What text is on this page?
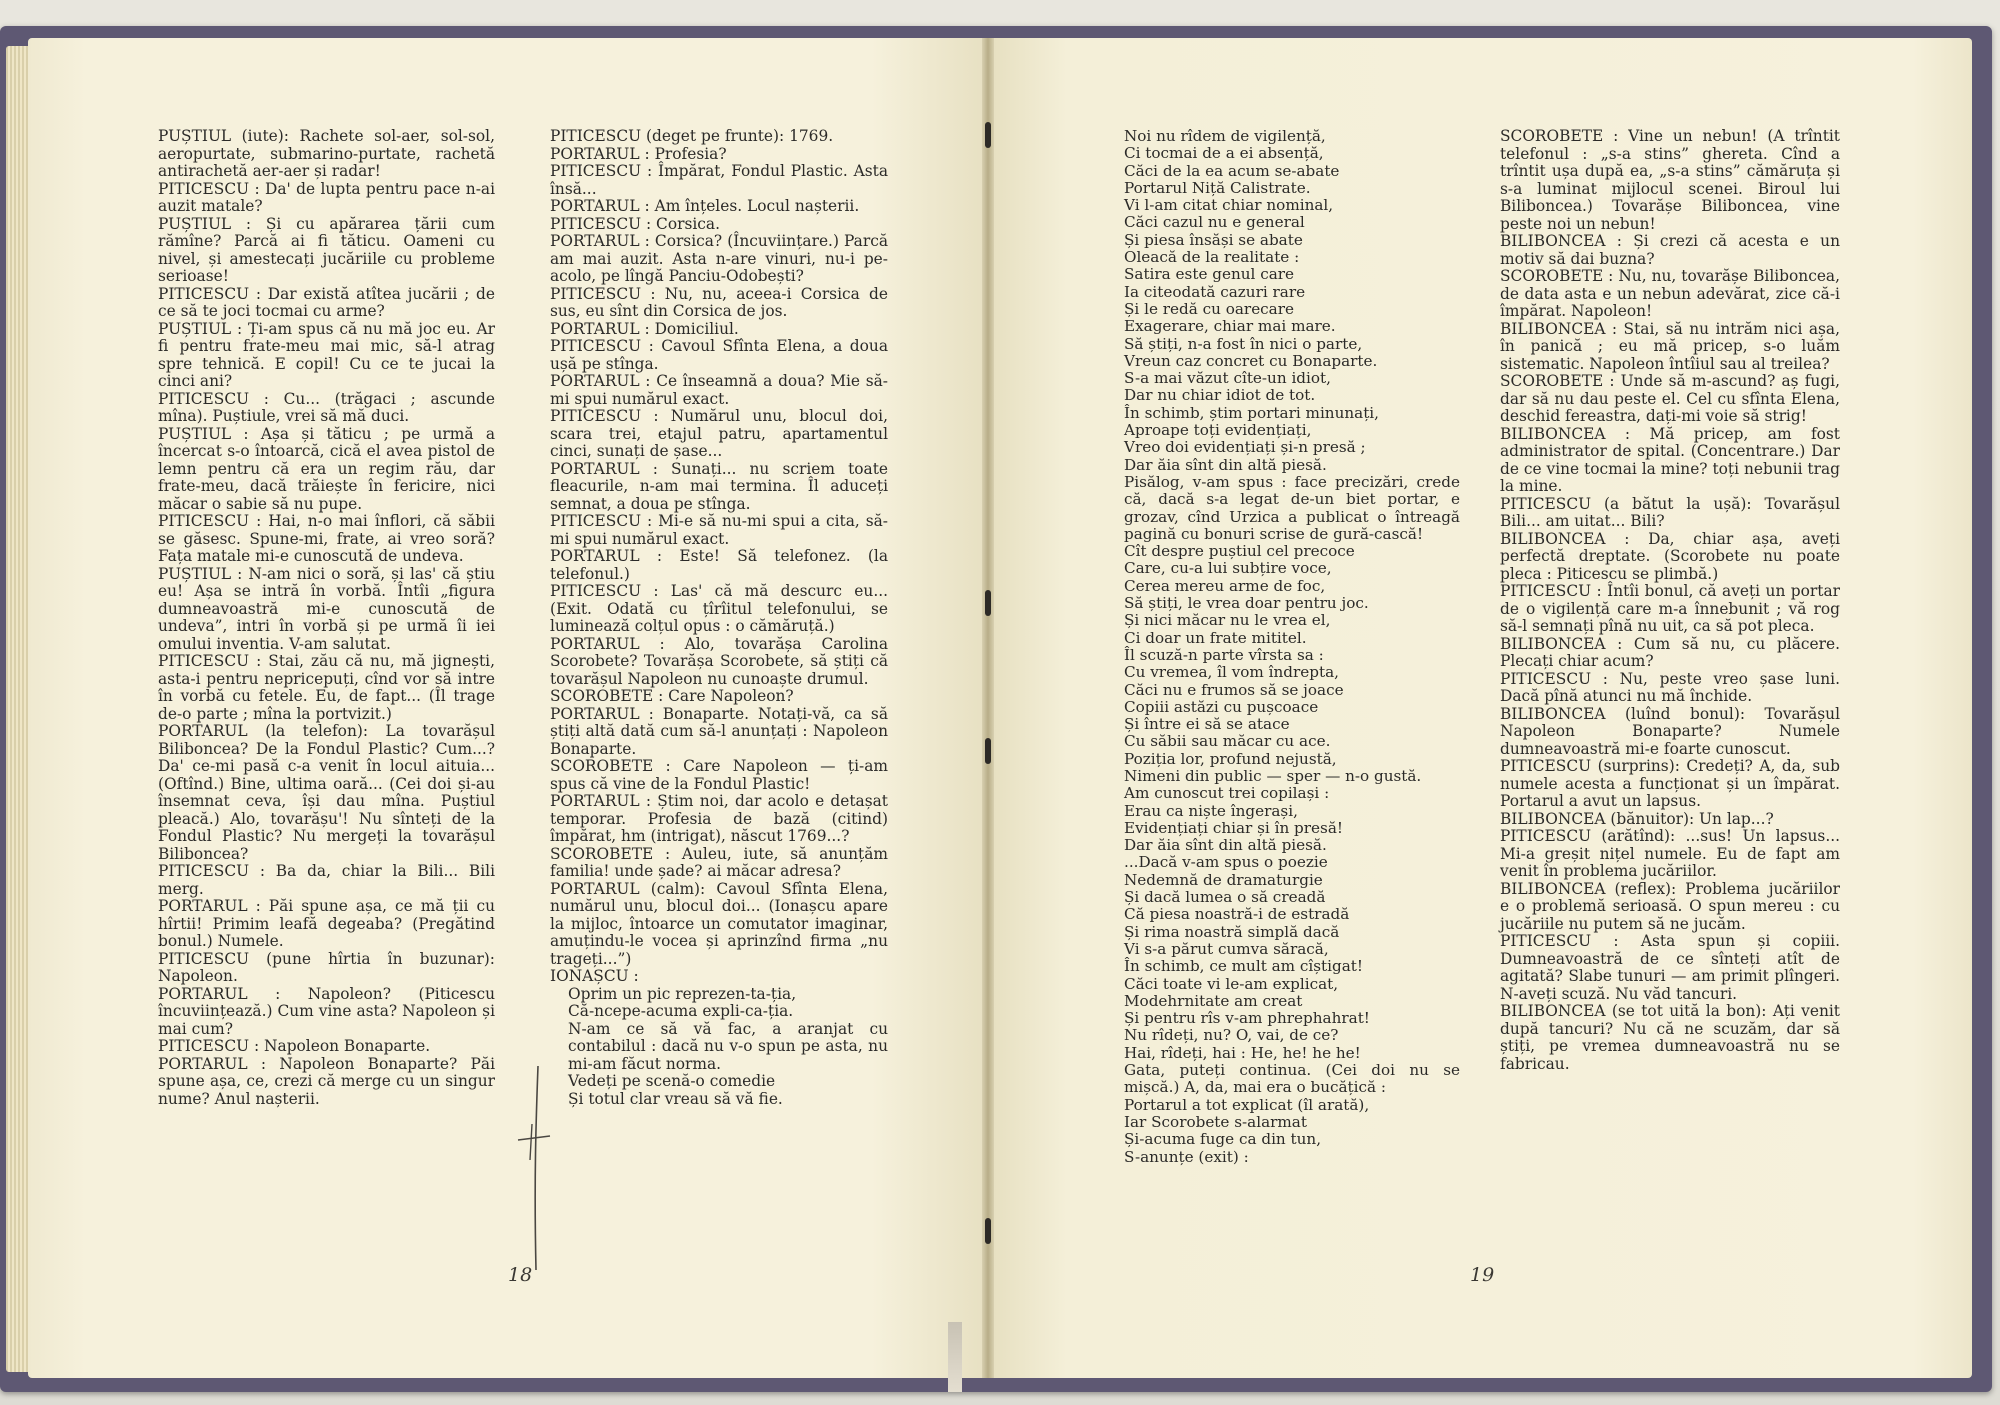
PUȘTIUL (iute): Rachete sol-aer, sol-sol, aeropurtate, submarino-purtate, rachetă antirachetă aer-aer și radar!

PITICESCU : Da' de lupta pentru pace n-ai auzit matale?

PUȘTIUL : Și cu apărarea țării cum rămîne? Parcă ai fi tăticu. Oameni cu nivel, și amestecați jucăriile cu probleme serioase!

PITICESCU : Dar există atîtea jucării ; de ce să te joci tocmai cu arme?

PUȘTIUL : Ți-am spus că nu mă joc eu. Ar fi pentru frate-meu mai mic, să-l atrag spre tehnică. E copil! Cu ce te jucai la cinci ani?

PITICESCU : Cu... (trăgaci ; ascunde mîna). Puștiule, vrei să mă duci.

PUȘTIUL : Așa și tăticu ; pe urmă a încercat s-o întoarcă, cică el avea pistol de lemn pentru că era un regim rău, dar frate-meu, dacă trăiește în fericire, nici măcar o sabie să nu pupe.

PITICESCU : Hai, n-o mai înflori, că săbii se găsesc. Spune-mi, frate, ai vreo soră? Fața matale mi-e cunoscută de undeva.

PUȘTIUL : N-am nici o soră, și las' că știu eu! Așa se intră în vorbă. Întîi „figura dumneavoastră mi-e cunoscută de undeva”, intri în vorbă și pe urmă îi iei omului inventia. V-am salutat.

PITICESCU : Stai, zău că nu, mă jignești, asta-i pentru nepricepuți, cînd vor să intre în vorbă cu fetele. Eu, de fapt... (Îl trage de-o parte ; mîna la portvizit.)

PORTARUL (la telefon): La tovarășul Biliboncea? De la Fondul Plastic? Cum...? Da' ce-mi pasă c-a venit în locul aituia... (Oftînd.) Bine, ultima oară... (Cei doi și-au însemnat ceva, își dau mîna. Puștiul pleacă.) Alo, tovarășu'! Nu sînteți de la Fondul Plastic? Nu mergeți la tovarășul Biliboncea?

PITICESCU : Ba da, chiar la Bili... Bili merg.

PORTARUL : Păi spune așa, ce mă ții cu hîrtii! Primim leafă degeaba? (Pregătind bonul.) Numele.

PITICESCU (pune hîrtia în buzunar): Napoleon.

PORTARUL : Napoleon? (Piticescu încuviințează.) Cum vine asta? Napoleon și mai cum?

PITICESCU : Napoleon Bonaparte.

PORTARUL : Napoleon Bonaparte? Păi spune așa, ce, crezi că merge cu un singur nume? Anul nașterii.

PITICESCU (deget pe frunte): 1769.

PORTARUL : Profesia?

PITICESCU : Împărat, Fondul Plastic. Asta însă...

PORTARUL : Am înțeles. Locul nașterii.

PITICESCU : Corsica.

PORTARUL : Corsica? (Încuviințare.) Parcă am mai auzit. Asta n-are vinuri, nu-i pe-acolo, pe lîngă Panciu-Odobești?

PITICESCU : Nu, nu, aceea-i Corsica de sus, eu sînt din Corsica de jos.

PORTARUL : Domiciliul.

PITICESCU : Cavoul Sfînta Elena, a doua ușă pe stînga.

PORTARUL : Ce înseamnă a doua? Mie să-mi spui numărul exact.

PITICESCU : Numărul unu, blocul doi, scara trei, etajul patru, apartamentul cinci, sunați de șase...

PORTARUL : Sunați... nu scriem toate fleacurile, n-am mai termina. Îl aduceți semnat, a doua pe stînga.

PITICESCU : Mi-e să nu-mi spui a cita, să-mi spui numărul exact.

PORTARUL : Este! Să telefonez. (la telefonul.)

PITICESCU : Las' că mă descurc eu... (Exit. Odată cu țîrîitul telefonului, se luminează colțul opus : o cămăruță.)

PORTARUL : Alo, tovarășa Carolina Scorobete? Tovarășa Scorobete, să știți că tovarășul Napoleon nu cunoaște drumul.

SCOROBETE : Care Napoleon?

PORTARUL : Bonaparte. Notați-vă, ca să știți altă dată cum să-l anunțați : Napoleon Bonaparte.

SCOROBETE : Care Napoleon — ți-am spus că vine de la Fondul Plastic!

PORTARUL : Știm noi, dar acolo e detașat temporar. Profesia de bază (citind) împărat, hm (intrigat), născut 1769...?

SCOROBETE : Auleu, iute, să anunțăm familia! unde șade? ai măcar adresa?

PORTARUL (calm): Cavoul Sfînta Elena, numărul unu, blocul doi... (Ionașcu apare la mijloc, întoarce un comutator imaginar, amuțindu-le vocea și aprinzînd firma „nu trageți...”)

IONAȘCU :

Oprim un pic reprezen-ta-ția,

Că-ncepe-acuma expli-ca-ția.

N-am ce să vă fac, a aranjat cu contabilul : dacă nu v-o spun pe asta, nu mi-am făcut norma.

Vedeți pe scenă-o comedie

Și totul clar vreau să vă fie.

18

Noi nu rîdem de vigilență,

Ci tocmai de a ei absență,

Căci de la ea acum se-abate

Portarul Niță Calistrate.

Vi l-am citat chiar nominal,

Căci cazul nu e general

Și piesa însăși se abate

Oleacă de la realitate :

Satira este genul care

Ia citeodată cazuri rare

Și le redă cu oarecare

Exagerare, chiar mai mare.

Să știți, n-a fost în nici o parte,

Vreun caz concret cu Bonaparte.

S-a mai văzut cîte-un idiot,

Dar nu chiar idiot de tot.

În schimb, știm portari minunați,

Aproape toți evidențiați,

Vreo doi evidențiați și-n presă ;

Dar ăia sînt din altă piesă.

Pisălog, v-am spus : face precizări, crede că, dacă s-a legat de-un biet portar, e grozav, cînd Urzica a publicat o întreagă pagină cu bonuri scrise de gură-cască!

Cît despre puștiul cel precoce

Care, cu-a lui subțire voce,

Cerea mereu arme de foc,

Să știți, le vrea doar pentru joc.

Și nici măcar nu le vrea el,

Ci doar un frate mititel.

Îl scuză-n parte vîrsta sa :

Cu vremea, îl vom îndrepta,

Căci nu e frumos să se joace

Copiii astăzi cu pușcoace

Și între ei să se atace

Cu săbii sau măcar cu ace.

Poziția lor, profund nejustă,

Nimeni din public — sper — n-o gustă.

Am cunoscut trei copilași :

Erau ca niște îngerași,

Evidențiați chiar și în presă!

Dar ăia sînt din altă piesă.

...Dacă v-am spus o poezie

Nedemnă de dramaturgie

Și dacă lumea o să creadă

Că piesa noastră-i de estradă

Și rima noastră simplă dacă

Vi s-a părut cumva săracă,

În schimb, ce mult am cîștigat!

Căci toate vi le-am explicat,

Modehrnitate am creat

Și pentru rîs v-am phrephahrat!

Nu rîdeți, nu? O, vai, de ce?

Hai, rîdeți, hai : He, he! he he!

Gata, puteți continua. (Cei doi nu se mișcă.) A, da, mai era o bucățică :

Portarul a tot explicat (îl arată),

Iar Scorobete s-alarmat

Și-acuma fuge ca din tun,

S-anunțe (exit) :

SCOROBETE : Vine un nebun! (A trîntit telefonul : „s-a stins” ghereta. Cînd a trîntit ușa după ea, „s-a stins” cămăruța și s-a luminat mijlocul scenei. Biroul lui Biliboncea.) Tovarășe Biliboncea, vine peste noi un nebun!

BILIBONCEA : Și crezi că acesta e un motiv să dai buzna?

SCOROBETE : Nu, nu, tovarășe Biliboncea, de data asta e un nebun adevărat, zice că-i împărat. Napoleon!

BILIBONCEA : Stai, să nu intrăm nici așa, în panică ; eu mă pricep, s-o luăm sistematic. Napoleon întîiul sau al treilea?

SCOROBETE : Unde să m-ascund? aș fugi, dar să nu dau peste el. Cel cu sfînta Elena, deschid fereastra, dați-mi voie să strig!

BILIBONCEA : Mă pricep, am fost administrator de spital. (Concentrare.) Dar de ce vine tocmai la mine? toți nebunii trag la mine.

PITICESCU (a bătut la ușă): Tovarășul Bili... am uitat... Bili?

BILIBONCEA : Da, chiar așa, aveți perfectă dreptate. (Scorobete nu poate pleca : Piticescu se plimbă.)

PITICESCU : Întîi bonul, că aveți un portar de o vigilență care m-a înnebunit ; vă rog să-l semnați pînă nu uit, ca să pot pleca.

BILIBONCEA : Cum să nu, cu plăcere. Plecați chiar acum?

PITICESCU : Nu, peste vreo șase luni. Dacă pînă atunci nu mă închide.

BILIBONCEA (luînd bonul): Tovarășul Napoleon Bonaparte? Numele dumneavoastră mi-e foarte cunoscut.

PITICESCU (surprins): Credeți? A, da, sub numele acesta a funcționat și un împărat. Portarul a avut un lapsus.

BILIBONCEA (bănuitor): Un lap...?

PITICESCU (arătînd): ...sus! Un lapsus... Mi-a greșit nițel numele. Eu de fapt am venit în problema jucăriilor.

BILIBONCEA (reflex): Problema jucăriilor e o problemă serioasă. O spun mereu : cu jucăriile nu putem să ne jucăm.

PITICESCU : Asta spun și copiii. Dumneavoastră de ce sînteți atît de agitată? Slabe tunuri — am primit plîngeri. N-aveți scuză. Nu văd tancuri.

BILIBONCEA (se tot uită la bon): Ați venit după tancuri? Nu că ne scuzăm, dar să știți, pe vremea dumneavoastră nu se fabricau.

19
